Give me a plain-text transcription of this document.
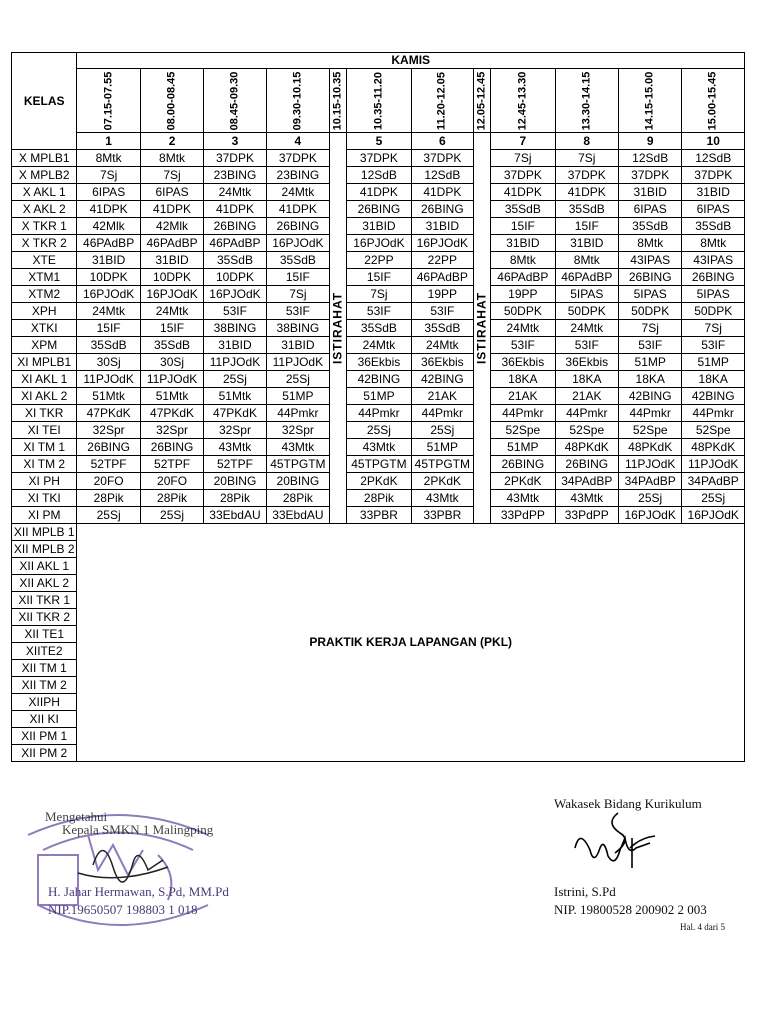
KELAS	KAMIS											

	07.15-07.55	08.00-08.45	08.45-09.30	09.30-10.15	10.15-10.35	10.35-11.20	11.20-12.05	12.05-12.45	12.45-13.30	13.30-14.15	14.15-15.00	15.00-15.45

	1	2	3	4	ISTIRAHAT	5	6	ISTIRAHAT	7	8	9	10
X MPLB1	8Mtk	8Mtk	37DPK	37DPK		37DPK	37DPK		7Sj	7Sj	12SdB	12SdB
X MPLB2	7Sj	7Sj	23BING	23BING		12SdB	12SdB		37DPK	37DPK	37DPK	37DPK
X AKL 1	6IPAS	6IPAS	24Mtk	24Mtk		41DPK	41DPK		41DPK	41DPK	31BID	31BID
X AKL 2	41DPK	41DPK	41DPK	41DPK		26BING	26BING		35SdB	35SdB	6IPAS	6IPAS
X TKR 1	42Mlk	42Mlk	26BING	26BING		31BID	31BID		15IF	15IF	35SdB	35SdB
X TKR 2	46PAdBP	46PAdBP	46PAdBP	16PJOdK		16PJOdK	16PJOdK		31BID	31BID	8Mtk	8Mtk
XTE	31BID	31BID	35SdB	35SdB		22PP	22PP		8Mtk	8Mtk	43IPAS	43IPAS
XTM1	10DPK	10DPK	10DPK	15IF		15IF	46PAdBP		46PAdBP	46PAdBP	26BING	26BING
XTM2	16PJOdK	16PJOdK	16PJOdK	7Sj		7Sj	19PP		19PP	5IPAS	5IPAS	5IPAS
XPH	24Mtk	24Mtk	53IF	53IF		53IF	53IF		50DPK	50DPK	50DPK	50DPK
XTKI	15IF	15IF	38BING	38BING		35SdB	35SdB		24Mtk	24Mtk	7Sj	7Sj
XPM	35SdB	35SdB	31BID	31BID		24Mtk	24Mtk		53IF	53IF	53IF	53IF
XI MPLB1	30Sj	30Sj	11PJOdK	11PJOdK		36Ekbis	36Ekbis		36Ekbis	36Ekbis	51MP	51MP
XI AKL 1	11PJOdK	11PJOdK	25Sj	25Sj		42BING	42BING		18KA	18KA	18KA	18KA
XI AKL 2	51Mtk	51Mtk	51Mtk	51MP		51MP	21AK		21AK	21AK	42BING	42BING
XI TKR	47PKdK	47PKdK	47PKdK	44Pmkr		44Pmkr	44Pmkr		44Pmkr	44Pmkr	44Pmkr	44Pmkr
XI TEI	32Spr	32Spr	32Spr	32Spr		25Sj	25Sj		52Spe	52Spe	52Spe	52Spe
XI TM 1	26BING	26BING	43Mtk	43Mtk		43Mtk	51MP		51MP	48PKdK	48PKdK	48PKdK
XI TM 2	52TPF	52TPF	52TPF	45TPGTM		45TPGTM	45TPGTM		26BING	26BING	11PJOdK	11PJOdK
XI PH	20FO	20FO	20BING	20BING		2PKdK	2PKdK		2PKdK	34PAdBP	34PAdBP	34PAdBP
XI TKI	28Pik	28Pik	28Pik	28Pik		28Pik	43Mtk		43Mtk	43Mtk	25Sj	25Sj
XI PM	25Sj	25Sj	33EbdAU	33EbdAU		33PBR	33PBR		33PdPP	33PdPP	16PJOdK	16PJOdK
XII MPLB 1	PRAKTIK KERJA LAPANGAN (PKL)											
XII MPLB 2												
XII AKL 1												
XII AKL 2												
XII TKR 1												
XII TKR 2												
XII TE1												
XIITE2												
XII TM 1												
XII TM 2												
XIIPH												
XII KI												
XII PM 1												
XII PM 2												
Mengetahui
Kepala SMKN 1 Malingping
H. Jahar Hermawan, S.Pd, MM.Pd
NIP.19650507 198803 1 018
Wakasek Bidang Kurikulum
Istrini, S.Pd
NIP. 19800528 200902 2 003
Hal. 4 dari 5
